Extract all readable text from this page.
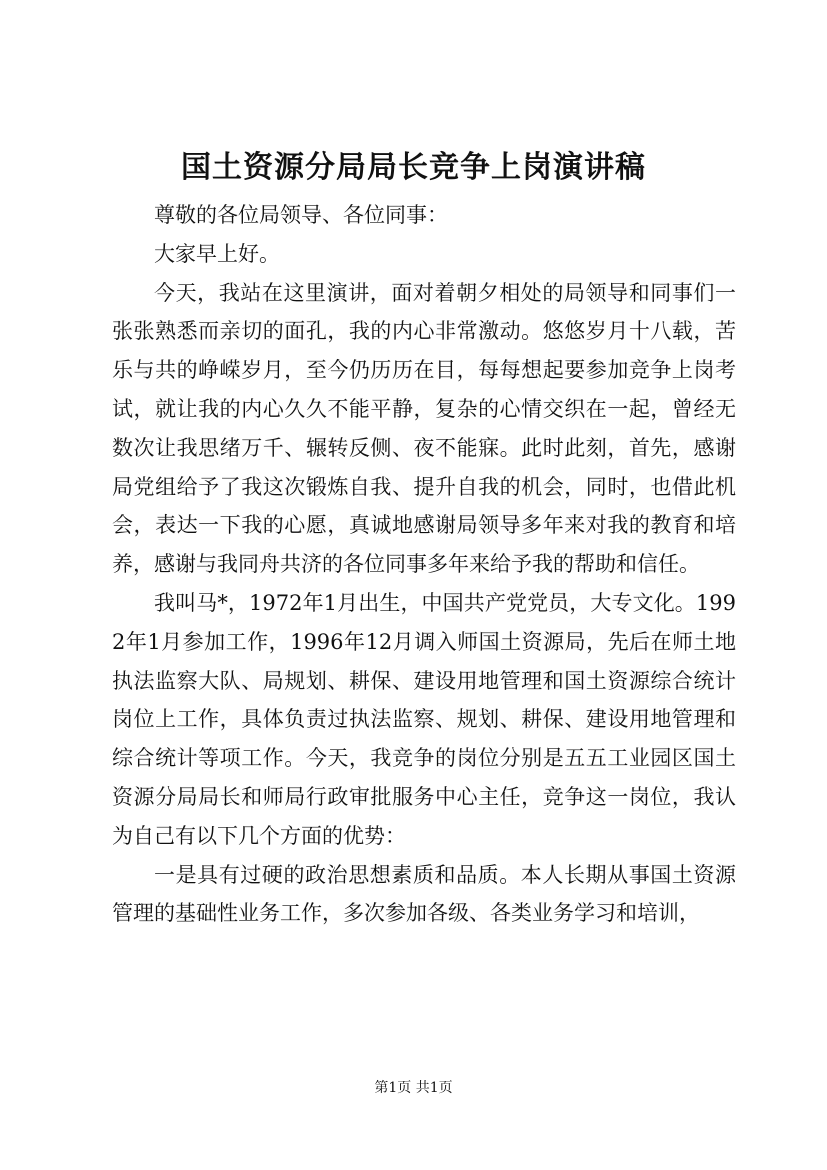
国土资源分局局长竞争上岗演讲稿

尊敬的各位局领导、各位同事：

大家早上好。

今天，我站在这里演讲，面对着朝夕相处的局领导和同事们一张张熟悉而亲切的面孔，我的内心非常激动。悠悠岁月十八载，苦乐与共的峥嵘岁月，至今仍历历在目，每每想起要参加竞争上岗考试，就让我的内心久久不能平静，复杂的心情交织在一起，曾经无数次让我思绪万千、辗转反侧、夜不能寐。此时此刻，首先，感谢局党组给予了我这次锻炼自我、提升自我的机会，同时，也借此机会，表达一下我的心愿，真诚地感谢局领导多年来对我的教育和培养，感谢与我同舟共济的各位同事多年来给予我的帮助和信任。

我叫马*，1972年1月出生，中国共产党党员，大专文化。1992年1月参加工作，1996年12月调入师国土资源局，先后在师土地执法监察大队、局规划、耕保、建设用地管理和国土资源综合统计岗位上工作，具体负责过执法监察、规划、耕保、建设用地管理和综合统计等项工作。今天，我竞争的岗位分别是五五工业园区国土资源分局局长和师局行政审批服务中心主任，竞争这一岗位，我认为自己有以下几个方面的优势：

一是具有过硬的政治思想素质和品质。本人长期从事国土资源管理的基础性业务工作，多次参加各级、各类业务学习和培训，

第1页 共1页
